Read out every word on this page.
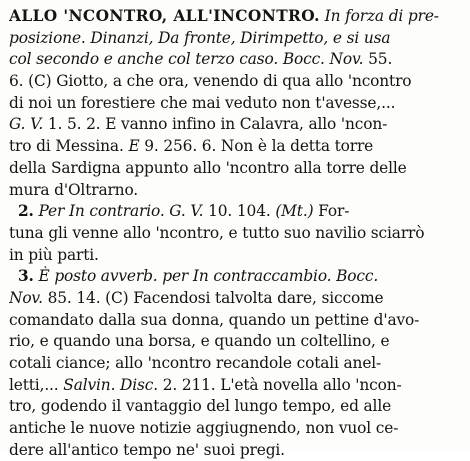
ALLO 'NCONTRO, ALL'INCONTRO. In forza di pre-
posizione. Dinanzi, Da fronte, Dirimpetto, e si usa
col secondo e anche col terzo caso. Bocc. Nov. 55.
6. (C) Giotto, a che ora, venendo di qua allo 'ncontro
di noi un forestiere che mai veduto non t'avesse,...
G. V. 1. 5. 2. E vanno infino in Calavra, allo 'ncon-
tro di Messina. E 9. 256. 6. Non è la detta torre
della Sardigna appunto allo 'ncontro alla torre delle
mura d'Oltrarno.
2. Per In contrario. G. V. 10. 104. (Mt.) For-
tuna gli venne allo 'ncontro, e tutto suo navilio sciarrò
in più parti.
3. È posto avverb. per In contraccambio. Bocc.
Nov. 85. 14. (C) Facendosi talvolta dare, siccome
comandato dalla sua donna, quando un pettine d'avo-
rio, e quando una borsa, e quando un coltellino, e
cotali ciance; allo 'ncontro recandole cotali anel-
letti,... Salvin. Disc. 2. 211. L'età novella allo 'ncon-
tro, godendo il vantaggio del lungo tempo, ed alle
antiche le nuove notizie aggiugnendo, non vuol ce-
dere all'antico tempo ne' suoi pregi.
